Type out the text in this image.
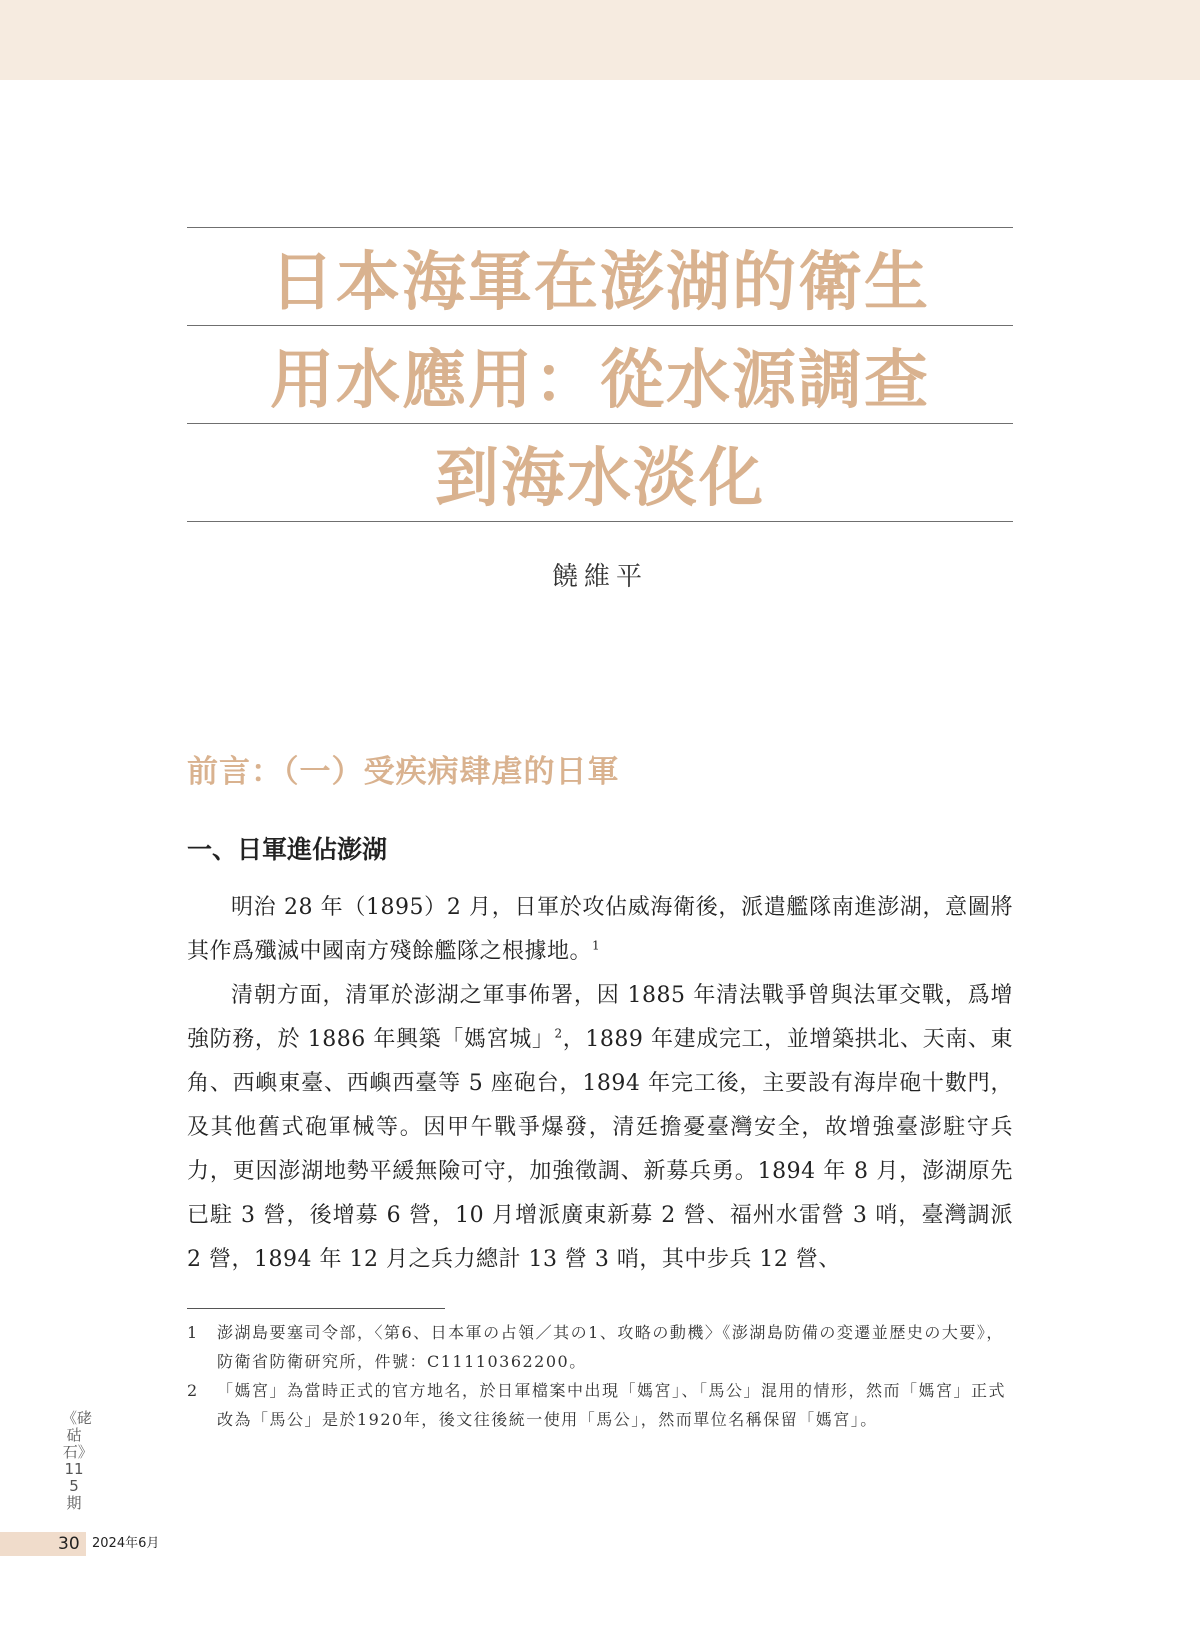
日本海軍在澎湖的衛生
用水應用：從水源調查
到海水淡化
饒維平
前言：（一）受疾病肆虐的日軍
一、日軍進佔澎湖

明治 28 年（1895）2 月，日軍於攻佔威海衛後，派遣艦隊南進澎湖，意圖將其作爲殲滅中國南方殘餘艦隊之根據地。$^1$

清朝方面，清軍於澎湖之軍事佈署，因 1885 年清法戰爭曾與法軍交戰，爲增強防務，於 1886 年興築「媽宮城」$^2$，1889 年建成完工，並增築拱北、天南、東角、西嶼東臺、西嶼西臺等 5 座砲台，1894 年完工後，主要設有海岸砲十數門，及其他舊式砲軍械等。因甲午戰爭爆發，清廷擔憂臺灣安全，故增強臺澎駐守兵力，更因澎湖地勢平緩無險可守，加強徵調、新募兵勇。1894 年 8 月，澎湖原先已駐 3 營，後增募 6 營，10 月增派廣東新募 2 營、福州水雷營 3 哨，臺灣調派 2 營，1894 年 12 月之兵力總計 13 營 3 哨，其中步兵 12 營、

1	澎湖島要塞司令部，〈第6、日本軍の占領／其の1、攻略の動機〉《澎湖島防備の変遷並歴史の大要》，防衛省防衛研究所，件號：C11110362200。
2	「媽宮」為當時正式的官方地名，於日軍檔案中出現「媽宮」、「馬公」混用的情形，然而「媽宮」正式改為「馬公」是於1920年，後文往後統一使用「馬公」，然而單位名稱保留「媽宮」。
《硓𥑮石》115期
30 2024年6月
